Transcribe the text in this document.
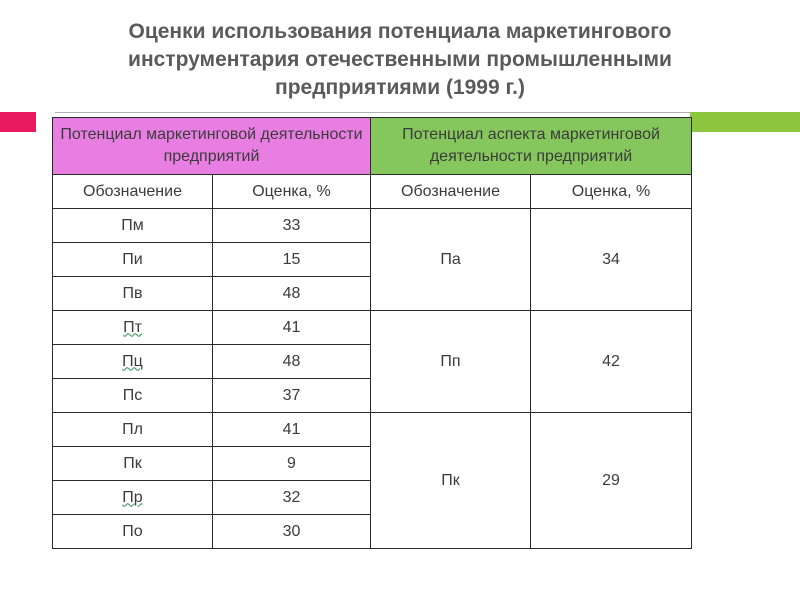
Оценки использования потенциала маркетингового инструментария отечественными промышленными предприятиями (1999 г.)
Потенциал маркетинговой деятельности предприятий		Потенциал аспекта маркетинговой деятельности предприятий	
Обозначение	Оценка, %	Обозначение	Оценка, %
Пм	33	Па	34
Пи	15		
Пв	48		
Пт	41	Пп	42
Пц	48		
Пс	37		
Пл	41	Пк	29
Пк	9		
Пр	32		
По	30		
